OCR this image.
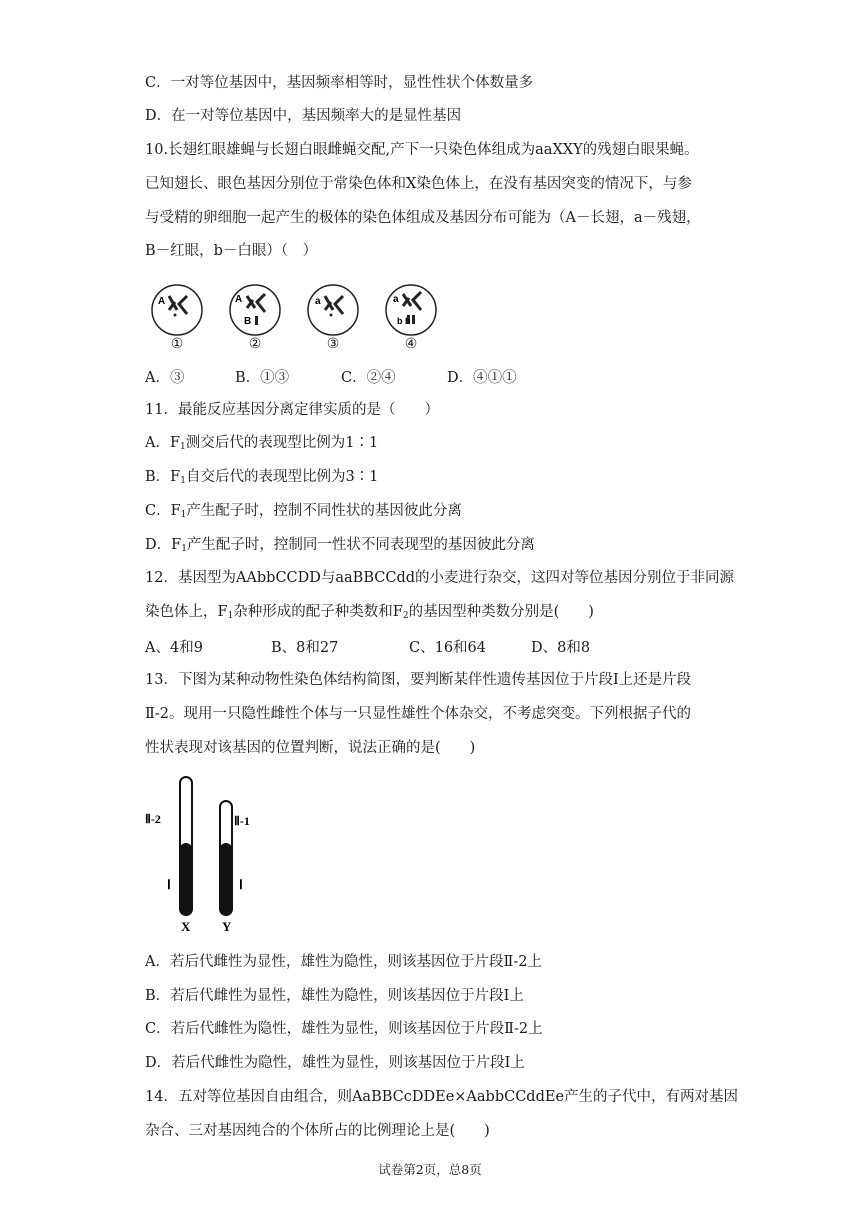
C．一对等位基因中，基因频率相等时，显性性状个体数量多
D．在一对等位基因中，基因频率大的是显性基因
10.长翅红眼雄蝇与长翅白眼雌蝇交配,产下一只染色体组成为aaXXY的残翅白眼果蝇。
已知翅长、眼色基因分别位于常染色体和X染色体上，在没有基因突变的情况下，与参
与受精的卵细胞一起产生的极体的染色体组成及基因分布可能为（A－长翅，a－残翅，
B－红眼，b－白眼）（　）
A
①
A
B
②
a
③
a
b b
④
A．③	B．①③	C．②④	D．④①①
11．最能反应基因分离定律实质的是（　　）
A．$F_1$测交后代的表现型比例为1∶1
B．$F_1$自交后代的表现型比例为3∶1
C．$F_1$产生配子时，控制不同性状的基因彼此分离
D．$F_1$产生配子时，控制同一性状不同表现型的基因彼此分离
12．基因型为AAbbCCDD与aaBBCCdd的小麦进行杂交，这四对等位基因分别位于非同源
染色体上，$F_1$杂种形成的配子种类数和$F_2$的基因型种类数分别是(　　)
A、4和9	B、8和27	C、16和64	D、8和8
13．下图为某种动物性染色体结构简图，要判断某伴性遗传基因位于片段Ⅰ上还是片段
Ⅱ-2。现用一只隐性雌性个体与一只显性雄性个体杂交，不考虑突变。下列根据子代的
性状表现对该基因的位置判断，说法正确的是(　　)
Ⅱ-2	Ⅱ-1
Ⅰ	Ⅰ
X Y
A．若后代雌性为显性，雄性为隐性，则该基因位于片段Ⅱ-2上
B．若后代雌性为显性，雄性为隐性，则该基因位于片段Ⅰ上
C．若后代雌性为隐性，雄性为显性，则该基因位于片段Ⅱ-2上
D．若后代雌性为隐性，雄性为显性，则该基因位于片段Ⅰ上
14．五对等位基因自由组合，则AaBBCcDDEe×AabbCCddEe产生的子代中，有两对基因
杂合、三对基因纯合的个体所占的比例理论上是(　　)
试卷第2页，总8页
